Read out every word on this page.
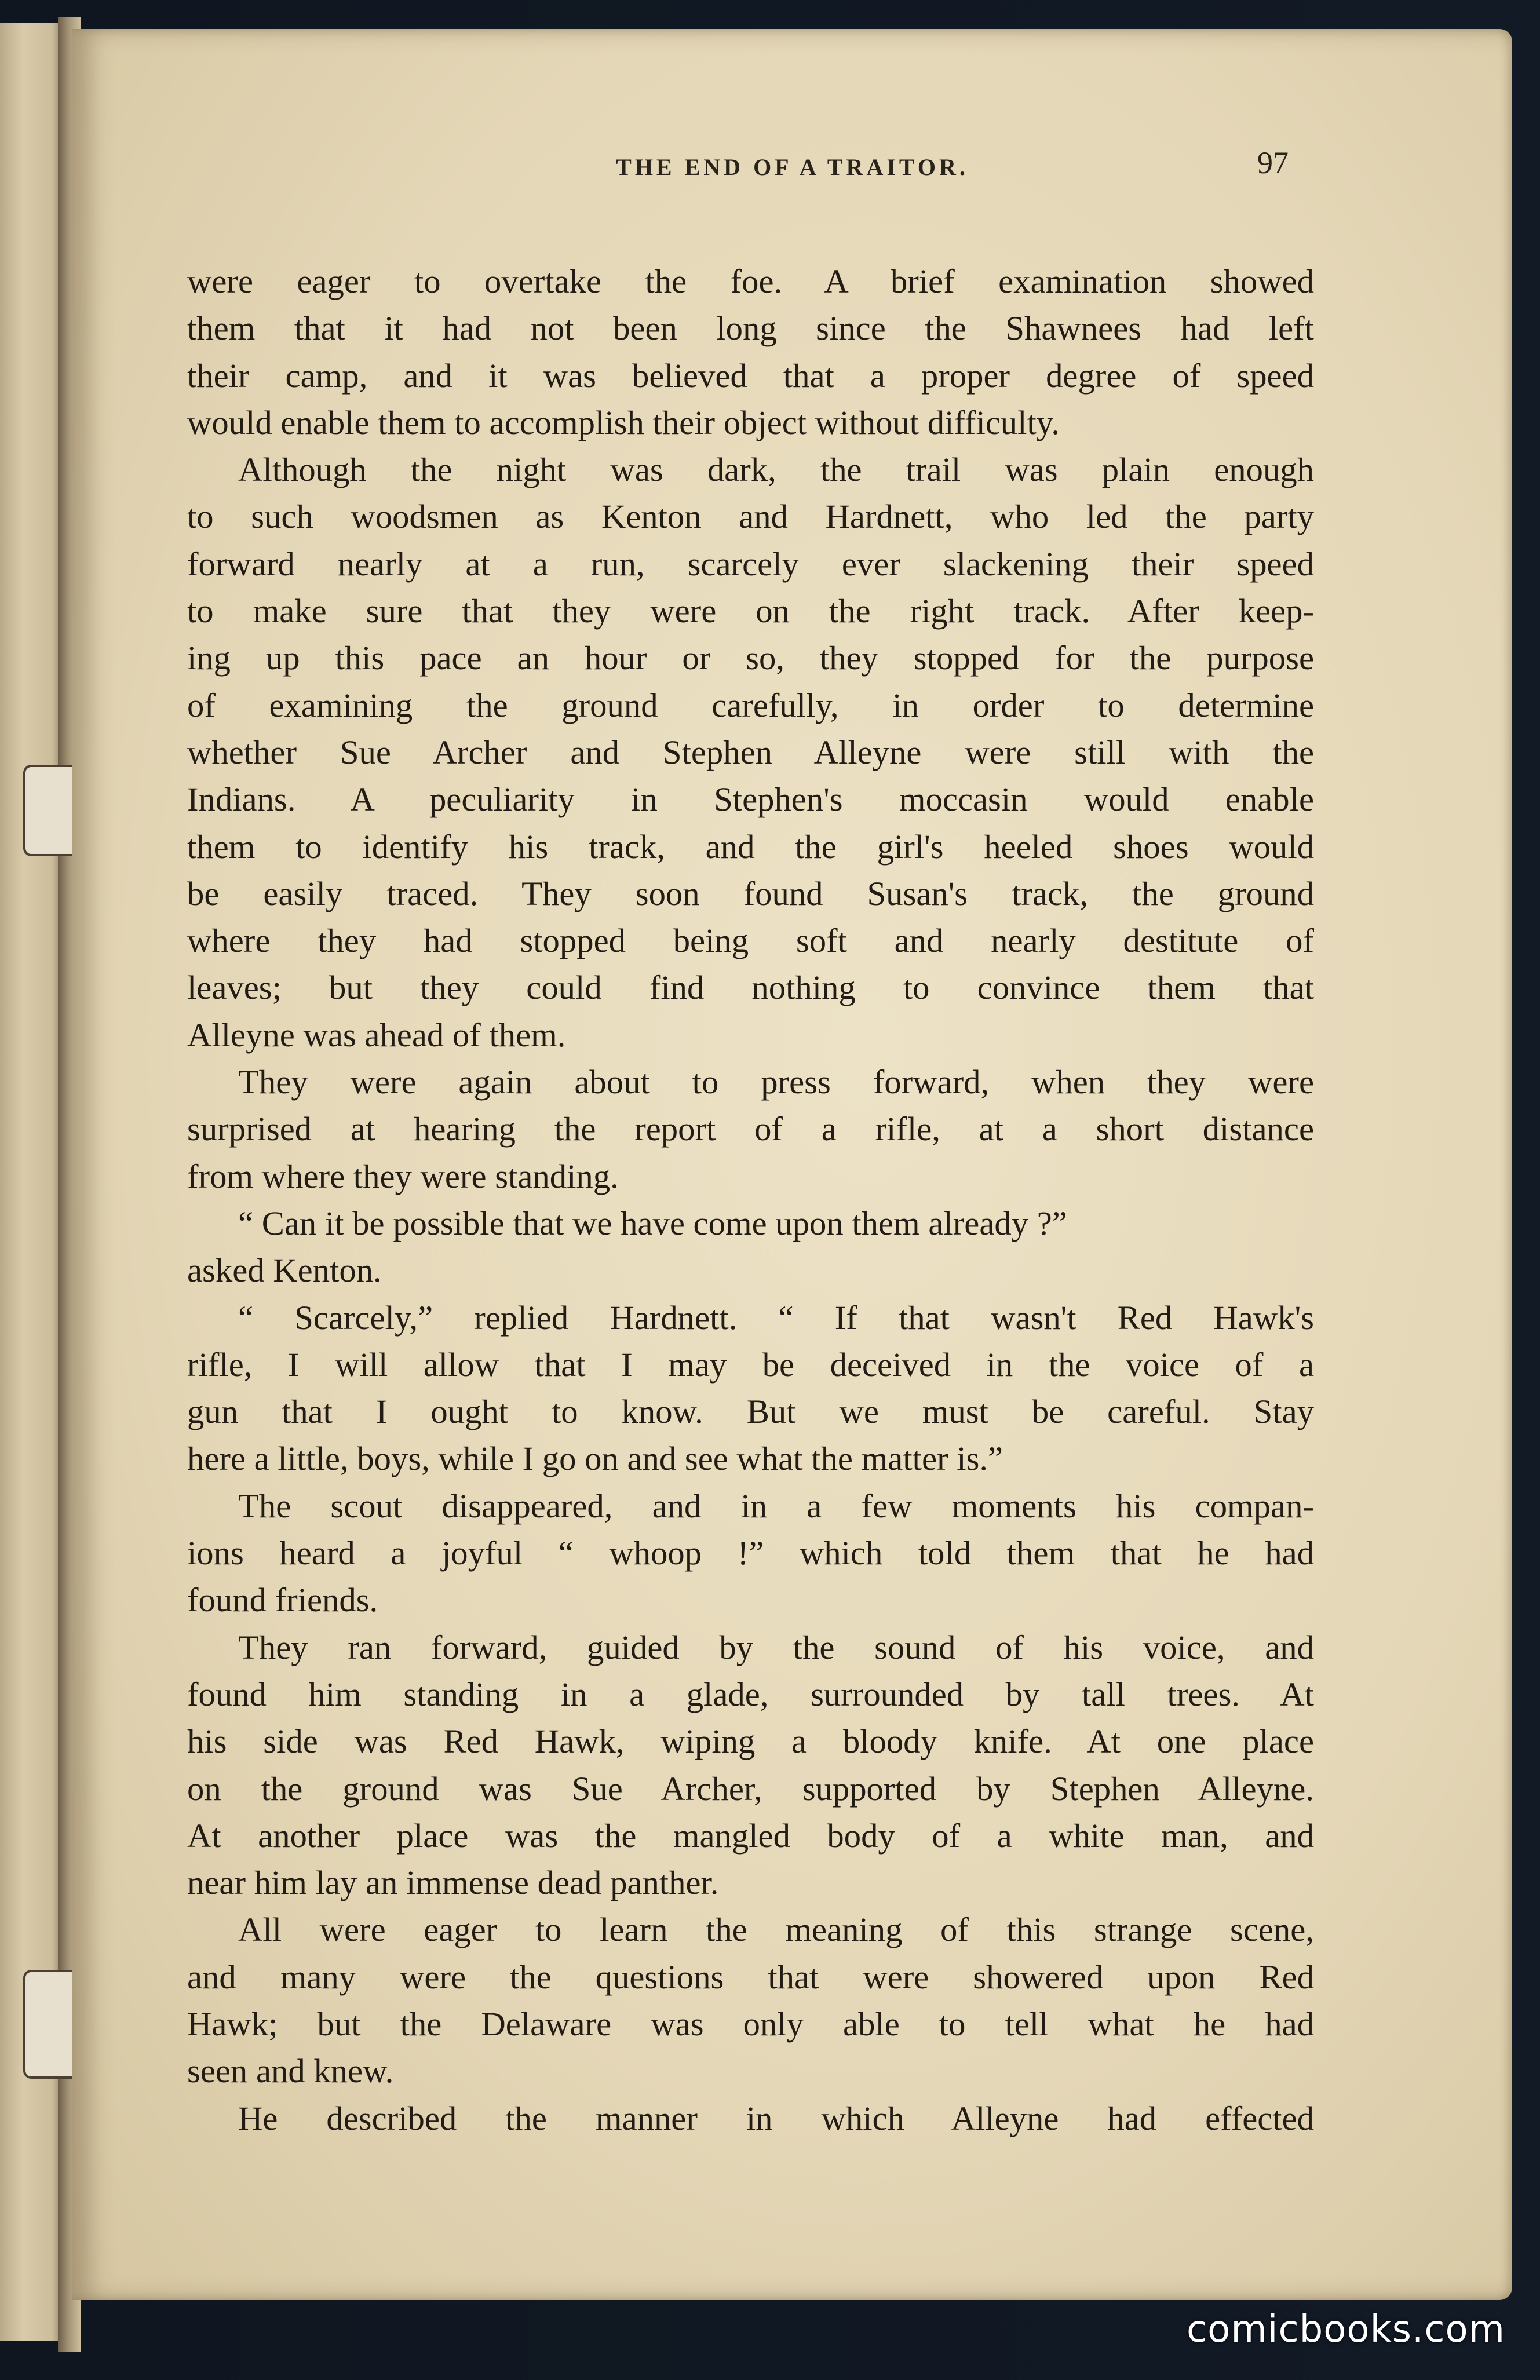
THE END OF A TRAITOR.	97
were eager to overtake the foe. A brief examination showed
them that it had not been long since the Shawnees had left
their camp, and it was believed that a proper degree of speed
would enable them to accomplish their object without difficulty.
Although the night was dark, the trail was plain enough
to such woodsmen as Kenton and Hardnett, who led the party
forward nearly at a run, scarcely ever slackening their speed
to make sure that they were on the right track. After keep-
ing up this pace an hour or so, they stopped for the purpose
of examining the ground carefully, in order to determine
whether Sue Archer and Stephen Alleyne were still with the
Indians. A peculiarity in Stephen's moccasin would enable
them to identify his track, and the girl's heeled shoes would
be easily traced. They soon found Susan's track, the ground
where they had stopped being soft and nearly destitute of
leaves; but they could find nothing to convince them that
Alleyne was ahead of them.
They were again about to press forward, when they were
surprised at hearing the report of a rifle, at a short distance
from where they were standing.
“ Can it be possible that we have come upon them already ?”
asked Kenton.
“ Scarcely,” replied Hardnett. “ If that wasn't Red Hawk's
rifle, I will allow that I may be deceived in the voice of a
gun that I ought to know. But we must be careful. Stay
here a little, boys, while I go on and see what the matter is.”
The scout disappeared, and in a few moments his compan-
ions heard a joyful “ whoop !” which told them that he had
found friends.
They ran forward, guided by the sound of his voice, and
found him standing in a glade, surrounded by tall trees. At
his side was Red Hawk, wiping a bloody knife. At one place
on the ground was Sue Archer, supported by Stephen Alleyne.
At another place was the mangled body of a white man, and
near him lay an immense dead panther.
All were eager to learn the meaning of this strange scene,
and many were the questions that were showered upon Red
Hawk; but the Delaware was only able to tell what he had
seen and knew.
He described the manner in which Alleyne had effected
comicbooks.com
